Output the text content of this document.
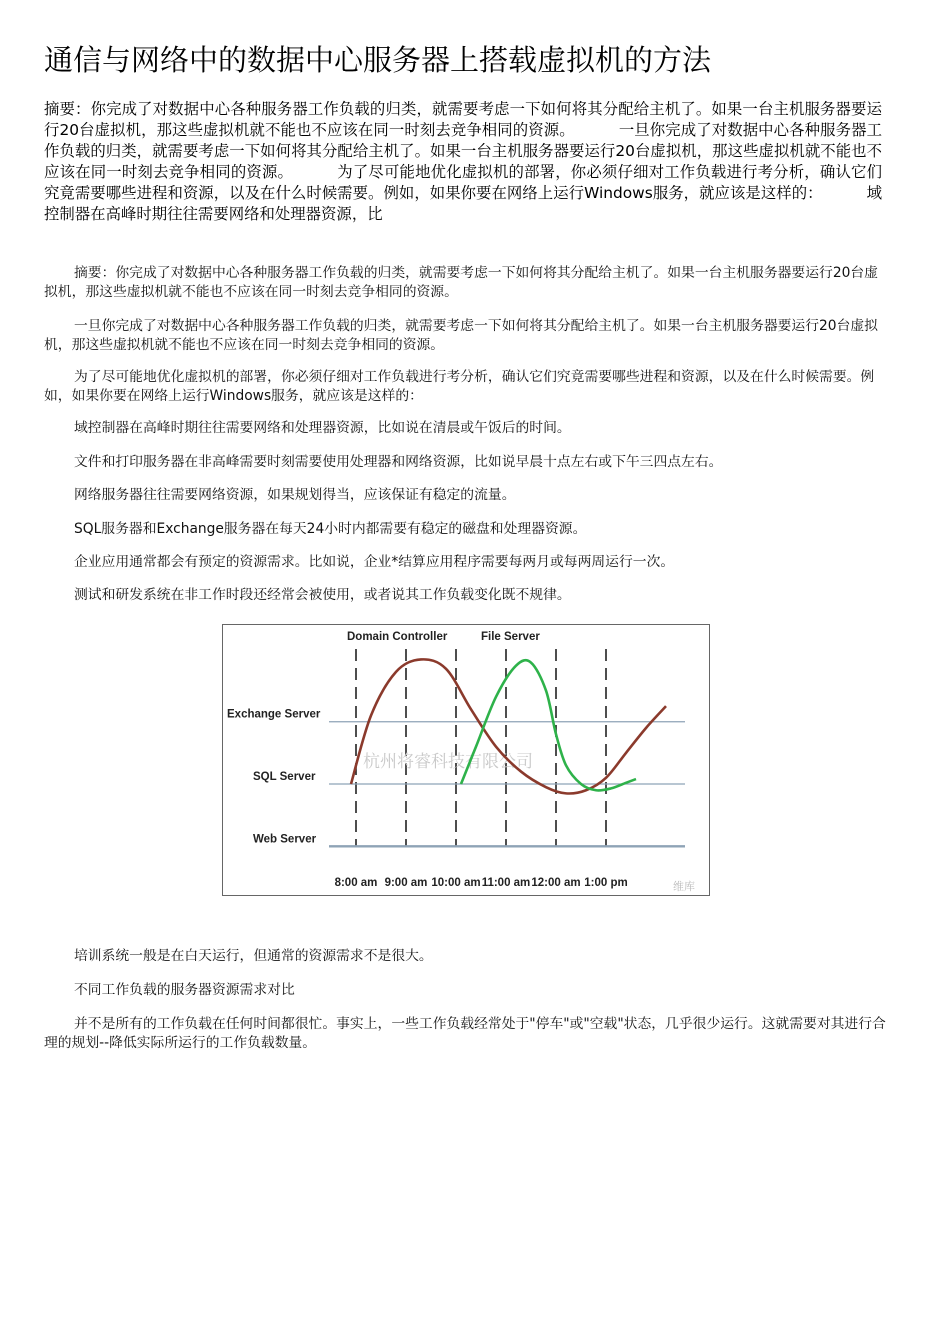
通信与网络中的数据中心服务器上搭载虚拟机的方法

摘要：你完成了对数据中心各种服务器工作负载的归类，就需要考虑一下如何将其分配给主机了。如果一台主机服务器要运行20台虚拟机，那这些虚拟机就不能也不应该在同一时刻去竞争相同的资源。	一旦你完成了对数据中心各种服务器工作负载的归类，就需要考虑一下如何将其分配给主机了。如果一台主机服务器要运行20台虚拟机，那这些虚拟机就不能也不应该在同一时刻去竞争相同的资源。	为了尽可能地优化虚拟机的部署，你必须仔细对工作负载进行考分析，确认它们究竟需要哪些进程和资源，以及在什么时候需要。例如，如果你要在网络上运行Windows服务，就应该是这样的：	域控制器在高峰时期往往需要网络和处理器资源，比

摘要：你完成了对数据中心各种服务器工作负载的归类，就需要考虑一下如何将其分配给主机了。如果一台主机服务器要运行20台虚拟机，那这些虚拟机就不能也不应该在同一时刻去竞争相同的资源。

一旦你完成了对数据中心各种服务器工作负载的归类，就需要考虑一下如何将其分配给主机了。如果一台主机服务器要运行20台虚拟机，那这些虚拟机就不能也不应该在同一时刻去竞争相同的资源。

为了尽可能地优化虚拟机的部署，你必须仔细对工作负载进行考分析，确认它们究竟需要哪些进程和资源，以及在什么时候需要。例如，如果你要在网络上运行Windows服务，就应该是这样的：

域控制器在高峰时期往往需要网络和处理器资源，比如说在清晨或午饭后的时间。
文件和打印服务器在非高峰需要时刻需要使用处理器和网络资源，比如说早晨十点左右或下午三四点左右。
网络服务器往往需要网络资源，如果规划得当，应该保证有稳定的流量。
SQL服务器和Exchange服务器在每天24小时内都需要有稳定的磁盘和处理器资源。
企业应用通常都会有预定的资源需求。比如说，企业*结算应用程序需要每两月或每两周运行一次。
测试和研发系统在非工作时段还经常会被使用，或者说其工作负载变化既不规律。
杭州将睿科技有限公司
Exchange Server
SQL Server
Web Server
Domain Controller	File Server
8:00 am 9:00 am 10:00 am 11:00 am 12:00 am 1:00 pm	维库
培训系统一般是在白天运行，但通常的资源需求不是很大。
不同工作负载的服务器资源需求对比

并不是所有的工作负载在任何时间都很忙。事实上，一些工作负载经常处于"停车"或"空载"状态，几乎很少运行。这就需要对其进行合理的规划--降低实际所运行的工作负载数量。
